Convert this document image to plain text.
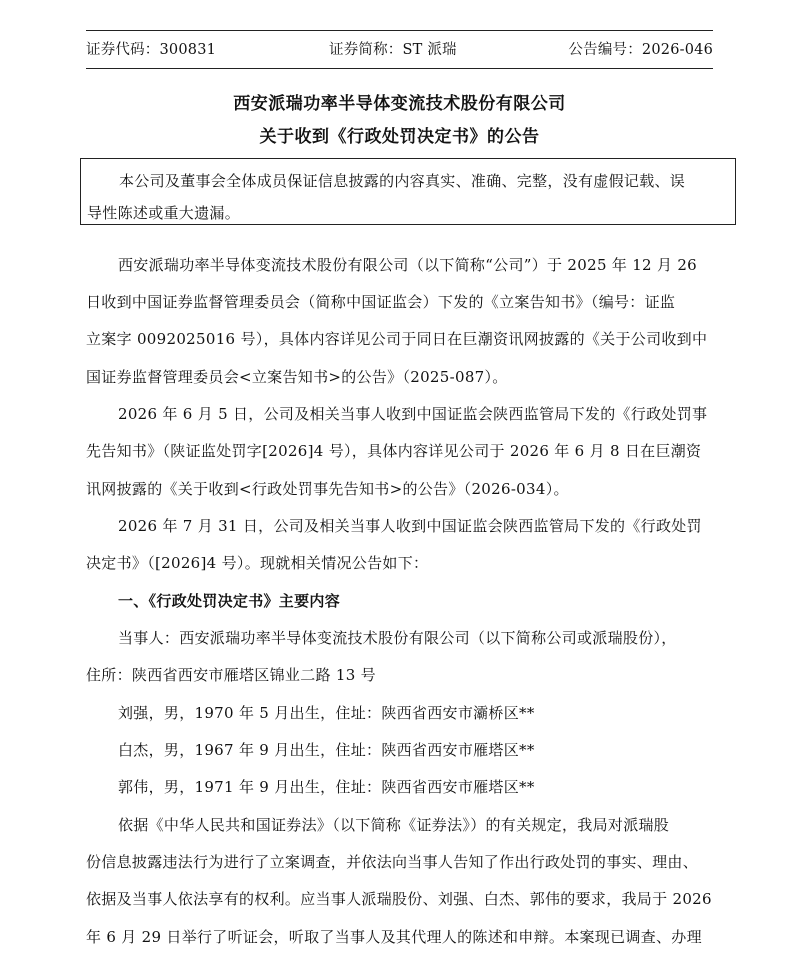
证券代码：300831	证券简称：ST 派瑞	公告编号：2026-046
西安派瑞功率半导体变流技术股份有限公司
关于收到《行政处罚决定书》的公告
本公司及董事会全体成员保证信息披露的内容真实、准确、完整，没有虚假记载、误
导性陈述或重大遗漏。
西安派瑞功率半导体变流技术股份有限公司（以下简称“公司”）于 2025 年 12 月 26
日收到中国证券监督管理委员会（简称中国证监会）下发的《立案告知书》（编号：证监
立案字 0092025016 号），具体内容详见公司于同日在巨潮资讯网披露的《关于公司收到中
国证券监督管理委员会<立案告知书>的公告》（2025-087）。
2026 年 6 月 5 日，公司及相关当事人收到中国证监会陕西监管局下发的《行政处罚事
先告知书》（陕证监处罚字[2026]4 号），具体内容详见公司于 2026 年 6 月 8 日在巨潮资
讯网披露的《关于收到<行政处罚事先告知书>的公告》（2026-034）。
2026 年 7 月 31 日，公司及相关当事人收到中国证监会陕西监管局下发的《行政处罚
决定书》（[2026]4 号）。现就相关情况公告如下：
一、《行政处罚决定书》主要内容
当事人：西安派瑞功率半导体变流技术股份有限公司（以下简称公司或派瑞股份），
住所：陕西省西安市雁塔区锦业二路 13 号
刘强，男，1970 年 5 月出生，住址：陕西省西安市灞桥区**
白杰，男，1967 年 9 月出生，住址：陕西省西安市雁塔区**
郭伟，男，1971 年 9 月出生，住址：陕西省西安市雁塔区**
依据《中华人民共和国证券法》（以下简称《证券法》）的有关规定，我局对派瑞股
份信息披露违法行为进行了立案调查，并依法向当事人告知了作出行政处罚的事实、理由、
依据及当事人依法享有的权利。应当事人派瑞股份、刘强、白杰、郭伟的要求，我局于 2026
年 6 月 29 日举行了听证会，听取了当事人及其代理人的陈述和申辩。本案现已调查、办理
